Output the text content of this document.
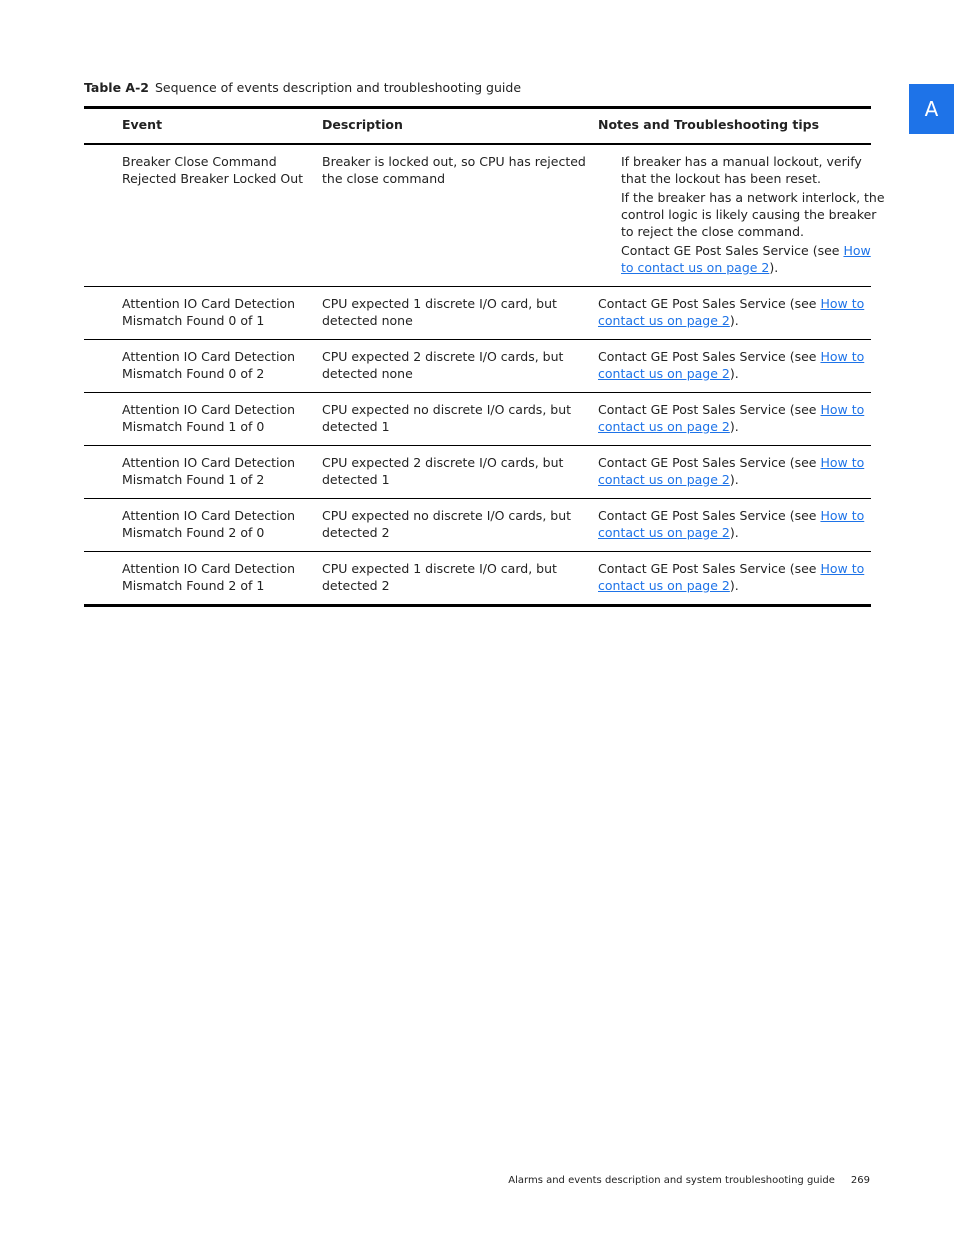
A
Table A-2 Sequence of events description and troubleshooting guide
Event	Description	Notes and Troubleshooting tips
Breaker Close Command
Rejected Breaker Locked Out
Breaker is locked out, so CPU has rejected
the close command
If breaker has a manual lockout, verify
that the lockout has been reset.
If the breaker has a network interlock, the
control logic is likely causing the breaker
to reject the close command.
Contact GE Post Sales Service (see How
to contact us on page 2).
Attention IO Card Detection
Mismatch Found 0 of 1
CPU expected 1 discrete I/O card, but
detected none
Contact GE Post Sales Service (see How to
contact us on page 2).
Attention IO Card Detection
Mismatch Found 0 of 2
CPU expected 2 discrete I/O cards, but
detected none
Contact GE Post Sales Service (see How to
contact us on page 2).
Attention IO Card Detection
Mismatch Found 1 of 0
CPU expected no discrete I/O cards, but
detected 1
Contact GE Post Sales Service (see How to
contact us on page 2).
Attention IO Card Detection
Mismatch Found 1 of 2
CPU expected 2 discrete I/O cards, but
detected 1
Contact GE Post Sales Service (see How to
contact us on page 2).
Attention IO Card Detection
Mismatch Found 2 of 0
CPU expected no discrete I/O cards, but
detected 2
Contact GE Post Sales Service (see How to
contact us on page 2).
Attention IO Card Detection
Mismatch Found 2 of 1
CPU expected 1 discrete I/O card, but
detected 2
Contact GE Post Sales Service (see How to
contact us on page 2).
Alarms and events description and system troubleshooting guide 269
